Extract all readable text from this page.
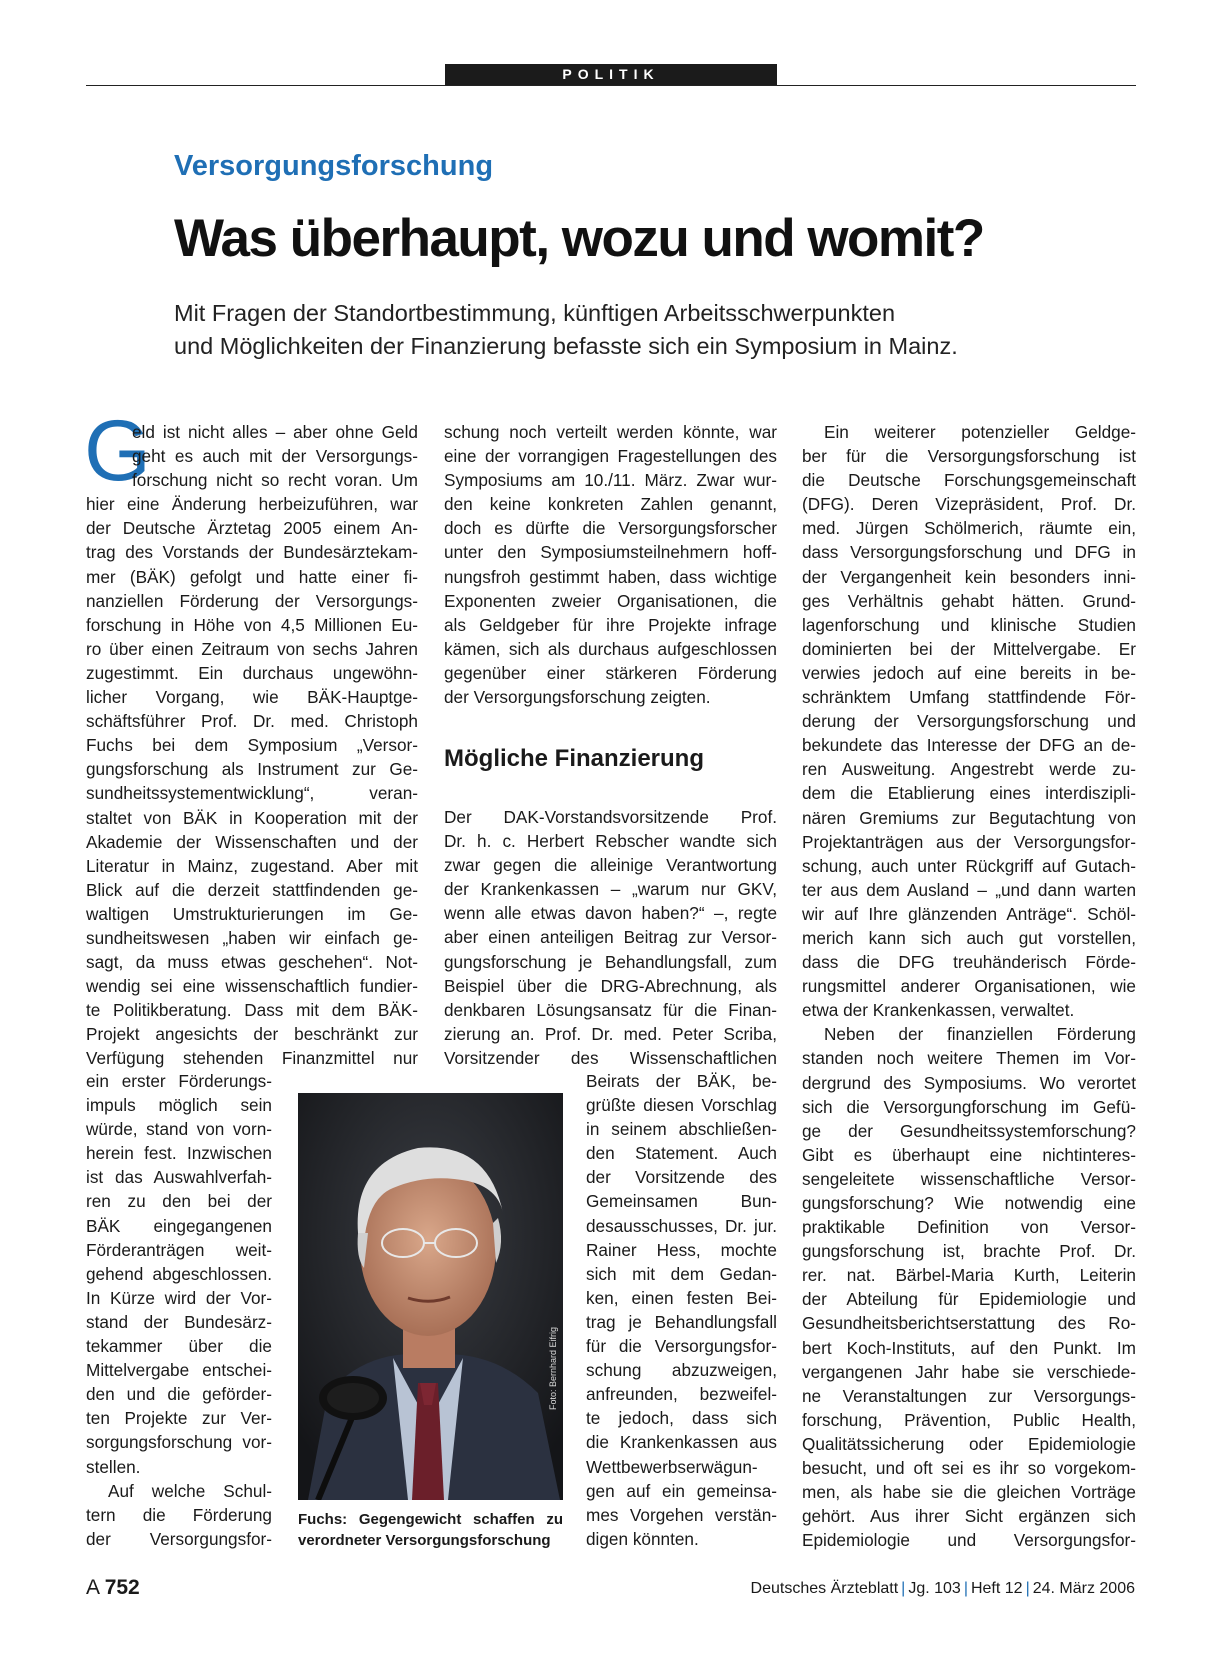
POLITIK
Versorgungsforschung
Was überhaupt, wozu und womit?
Mit Fragen der Standortbestimmung, künftigen Arbeitsschwerpunkten
und Möglichkeiten der Finanzierung befasste sich ein Symposium in Mainz.
G
eld ist nicht alles – aber ohne Geld
geht es auch mit der Versorgungs-
forschung nicht so recht voran. Um
hier eine Änderung herbeizuführen, war
der Deutsche Ärztetag 2005 einem An-
trag des Vorstands der Bundesärztekam-
mer (BÄK) gefolgt und hatte einer fi-
nanziellen Förderung der Versorgungs-
forschung in Höhe von 4,5 Millionen Eu-
ro über einen Zeitraum von sechs Jahren
zugestimmt. Ein durchaus ungewöhn-
licher Vorgang, wie BÄK-Hauptge-
schäftsführer Prof. Dr. med. Christoph
Fuchs bei dem Symposium „Versor-
gungsforschung als Instrument zur Ge-
sundheitssystementwicklung“, veran-
staltet von BÄK in Kooperation mit der
Akademie der Wissenschaften und der
Literatur in Mainz, zugestand. Aber mit
Blick auf die derzeit stattfindenden ge-
waltigen Umstrukturierungen im Ge-
sundheitswesen „haben wir einfach ge-
sagt, da muss etwas geschehen“. Not-
wendig sei eine wissenschaftlich fundier-
te Politikberatung. Dass mit dem BÄK-
Projekt angesichts der beschränkt zur
Verfügung stehenden Finanzmittel nur
ein erster Förderungs-
impuls möglich sein
würde, stand von vorn-
herein fest. Inzwischen
ist das Auswahlverfah-
ren zu den bei der
BÄK eingegangenen
Förderanträgen weit-
gehend abgeschlossen.
In Kürze wird der Vor-
stand der Bundesärz-
tekammer über die
Mittelvergabe entschei-
den und die geförder-
ten Projekte zur Ver-
sorgungsforschung vor-
stellen.
Auf welche Schul-
tern die Förderung
der Versorgungsfor-
schung noch verteilt werden könnte, war
eine der vorrangigen Fragestellungen des
Symposiums am 10./11. März. Zwar wur-
den keine konkreten Zahlen genannt,
doch es dürfte die Versorgungsforscher
unter den Symposiumsteilnehmern hoff-
nungsfroh gestimmt haben, dass wichtige
Exponenten zweier Organisationen, die
als Geldgeber für ihre Projekte infrage
kämen, sich als durchaus aufgeschlossen
gegenüber einer stärkeren Förderung
der Versorgungsforschung zeigten.
Mögliche Finanzierung
Der DAK-Vorstandsvorsitzende Prof.
Dr. h. c. Herbert Rebscher wandte sich
zwar gegen die alleinige Verantwortung
der Krankenkassen – „warum nur GKV,
wenn alle etwas davon haben?“ –, regte
aber einen anteiligen Beitrag zur Versor-
gungsforschung je Behandlungsfall, zum
Beispiel über die DRG-Abrechnung, als
denkbaren Lösungsansatz für die Finan-
zierung an. Prof. Dr. med. Peter Scriba,
Vorsitzender des Wissenschaftlichen
Beirats der BÄK, be-
grüßte diesen Vorschlag
in seinem abschließen-
den Statement. Auch
der Vorsitzende des
Gemeinsamen Bun-
desausschusses, Dr. jur.
Rainer Hess, mochte
sich mit dem Gedan-
ken, einen festen Bei-
trag je Behandlungsfall
für die Versorgungsfor-
schung abzuzweigen,
anfreunden, bezweifel-
te jedoch, dass sich
die Krankenkassen aus
Wettbewerbserwägun-
gen auf ein gemeinsa-
mes Vorgehen verstän-
digen könnten.
Ein weiterer potenzieller Geldge-
ber für die Versorgungsforschung ist
die Deutsche Forschungsgemeinschaft
(DFG). Deren Vizepräsident, Prof. Dr.
med. Jürgen Schölmerich, räumte ein,
dass Versorgungsforschung und DFG in
der Vergangenheit kein besonders inni-
ges Verhältnis gehabt hätten. Grund-
lagenforschung und klinische Studien
dominierten bei der Mittelvergabe. Er
verwies jedoch auf eine bereits in be-
schränktem Umfang stattfindende För-
derung der Versorgungsforschung und
bekundete das Interesse der DFG an de-
ren Ausweitung. Angestrebt werde zu-
dem die Etablierung eines interdiszipli-
nären Gremiums zur Begutachtung von
Projektanträgen aus der Versorgungsfor-
schung, auch unter Rückgriff auf Gutach-
ter aus dem Ausland – „und dann warten
wir auf Ihre glänzenden Anträge“. Schöl-
merich kann sich auch gut vorstellen,
dass die DFG treuhänderisch Förde-
rungsmittel anderer Organisationen, wie
etwa der Krankenkassen, verwaltet.
Neben der finanziellen Förderung
standen noch weitere Themen im Vor-
dergrund des Symposiums. Wo verortet
sich die Versorgungforschung im Gefü-
ge der Gesundheitssystemforschung?
Gibt es überhaupt eine nichtinteres-
sengeleitete wissenschaftliche Versor-
gungsforschung? Wie notwendig eine
praktikable Definition von Versor-
gungsforschung ist, brachte Prof. Dr.
rer. nat. Bärbel-Maria Kurth, Leiterin
der Abteilung für Epidemiologie und
Gesundheitsberichtserstattung des Ro-
bert Koch-Instituts, auf den Punkt. Im
vergangenen Jahr habe sie verschiede-
ne Veranstaltungen zur Versorgungs-
forschung, Prävention, Public Health,
Qualitätssicherung oder Epidemiologie
besucht, und oft sei es ihr so vorgekom-
men, als habe sie die gleichen Vorträge
gehört. Aus ihrer Sicht ergänzen sich
Epidemiologie und Versorgungsfor-
Foto: Bernhard Eifrig
Fuchs: Gegengewicht schaffen zu
verordneter Versorgungsforschung
A 752	Deutsches Ärzteblatt | Jg. 103 | Heft 12 | 24. März 2006
